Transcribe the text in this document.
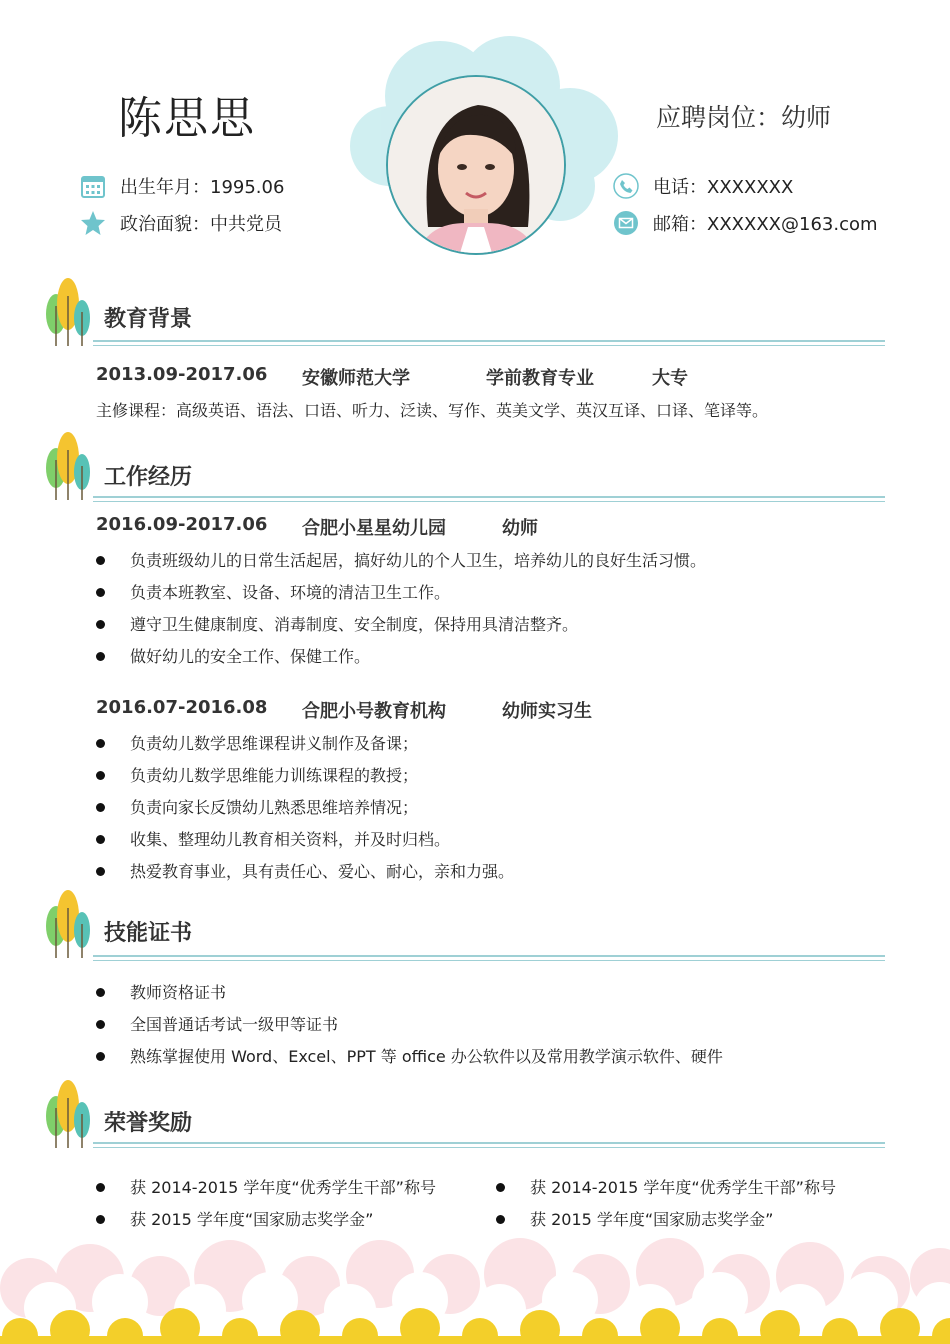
陈思思	应聘岗位：幼师
出生年月：1995.06
政治面貌：中共党员
电话：XXXXXXX
邮箱：XXXXXX@163.com
教育背景
2013.09-2017.06 安徽师范大学	学前教育专业	大专
主修课程：高级英语、语法、口语、听力、泛读、写作、英美文学、英汉互译、口译、笔译等。
工作经历
2016.09-2017.06 合肥小星星幼儿园	幼师
负责班级幼儿的日常生活起居，搞好幼儿的个人卫生，培养幼儿的良好生活习惯。
负责本班教室、设备、环境的清洁卫生工作。
遵守卫生健康制度、消毒制度、安全制度，保持用具清洁整齐。
做好幼儿的安全工作、保健工作。
2016.07-2016.08 合肥小号教育机构	幼师实习生
负责幼儿数学思维课程讲义制作及备课；
负责幼儿数学思维能力训练课程的教授；
负责向家长反馈幼儿熟悉思维培养情况；
收集、整理幼儿教育相关资料，并及时归档。
热爱教育事业，具有责任心、爱心、耐心，亲和力强。
技能证书
教师资格证书
全国普通话考试一级甲等证书
熟练掌握使用 Word、Excel、PPT 等 office 办公软件以及常用教学演示软件、硬件
荣誉奖励
获 2014-2015 学年度“优秀学生干部”称号
获 2015 学年度“国家励志奖学金”
获 2014-2015 学年度“优秀学生干部”称号
获 2015 学年度“国家励志奖学金”
